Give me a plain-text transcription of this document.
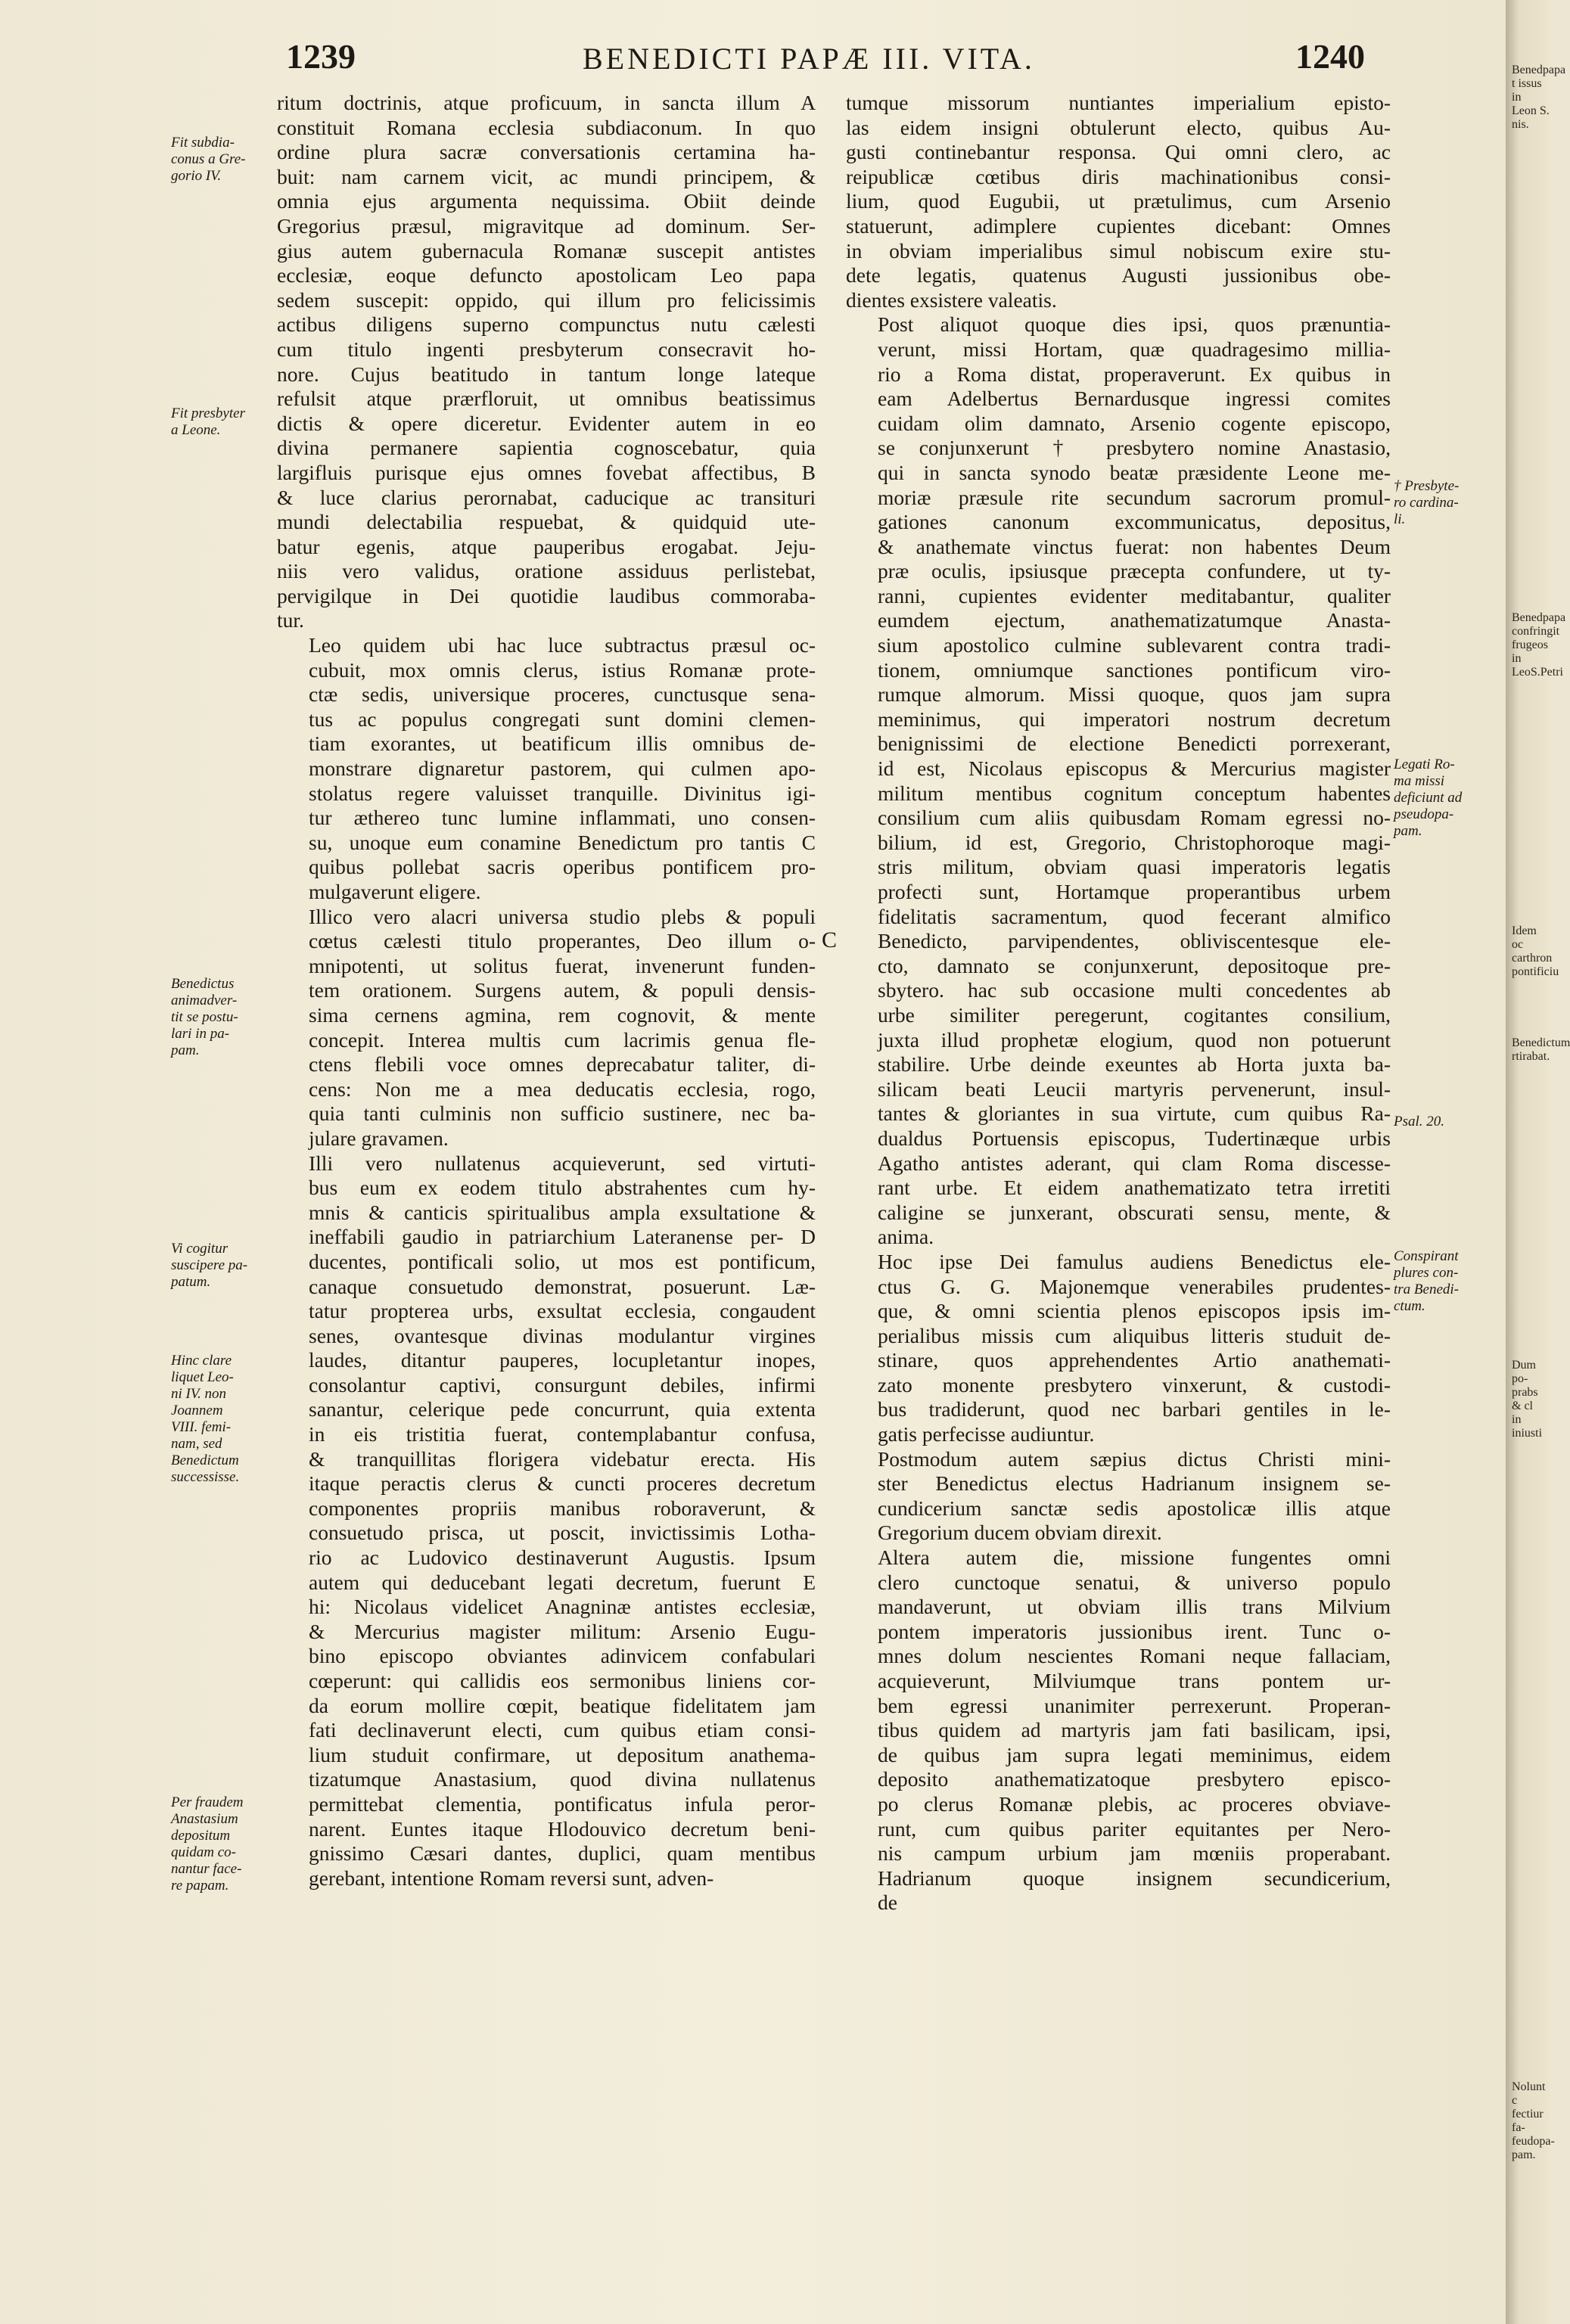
1239	BENEDICTI PAPÆ III. VITA.	1240

ritum doctrinis, atque proficuum, in sancta illum A
constituit Romana ecclesia subdiaconum. In quo
ordine plura sacræ conversationis certamina ha-
buit: nam carnem vicit, ac mundi principem, &
omnia ejus argumenta nequissima. Obiit deinde
Gregorius præsul, migravitque ad dominum. Ser-
gius autem gubernacula Romanæ suscepit antistes
ecclesiæ, eoque defuncto apostolicam Leo papa
sedem suscepit: oppido, qui illum pro felicissimis
actibus diligens superno compunctus nutu cælesti
cum titulo ingenti presbyterum consecravit ho-
nore. Cujus beatitudo in tantum longe lateque
refulsit atque prærfloruit, ut omnibus beatissimus
dictis & opere diceretur. Evidenter autem in eo
divina permanere sapientia cognoscebatur, quia
largifluis purisque ejus omnes fovebat affectibus, B
& luce clarius perornabat, caducique ac transituri
mundi delectabilia respuebat, & quidquid ute-
batur egenis, atque pauperibus erogabat. Jeju-
niis vero validus, oratione assiduus perlistebat,
pervigilque in Dei quotidie laudibus commoraba-
tur.

Leo quidem ubi hac luce subtractus præsul oc-
cubuit, mox omnis clerus, istius Romanæ prote-
ctæ sedis, universique proceres, cunctusque sena-
tus ac populus congregati sunt domini clemen-
tiam exorantes, ut beatificum illis omnibus de-
monstrare dignaretur pastorem, qui culmen apo-
stolatus regere valuisset tranquille. Divinitus igi-
tur æthereo tunc lumine inflammati, uno consen-
su, unoque eum conamine Benedictum pro tantis C
quibus pollebat sacris operibus pontificem pro-
mulgaverunt eligere.

Illico vero alacri universa studio plebs & populi
cœtus cælesti titulo properantes, Deo illum o-
mnipotenti, ut solitus fuerat, invenerunt funden-
tem orationem. Surgens autem, & populi densis-
sima cernens agmina, rem cognovit, & mente
concepit. Interea multis cum lacrimis genua fle-
ctens flebili voce omnes deprecabatur taliter, di-
cens: Non me a mea deducatis ecclesia, rogo,
quia tanti culminis non sufficio sustinere, nec ba-
julare gravamen.

Illi vero nullatenus acquieverunt, sed virtuti-
bus eum ex eodem titulo abstrahentes cum hy-
mnis & canticis spiritualibus ampla exsultatione &
ineffabili gaudio in patriarchium Lateranense per- D
ducentes, pontificali solio, ut mos est pontificum,
canaque consuetudo demonstrat, posuerunt. Læ-
tatur propterea urbs, exsultat ecclesia, congaudent
senes, ovantesque divinas modulantur virgines
laudes, ditantur pauperes, locupletantur inopes,
consolantur captivi, consurgunt debiles, infirmi
sanantur, celerique pede concurrunt, quia extenta
in eis tristitia fuerat, contemplabantur confusa,
& tranquillitas florigera videbatur erecta. His
itaque peractis clerus & cuncti proceres decretum
componentes propriis manibus roboraverunt, &
consuetudo prisca, ut poscit, invictissimis Lotha-
rio ac Ludovico destinaverunt Augustis. Ipsum
autem qui deducebant legati decretum, fuerunt E
hi: Nicolaus videlicet Anagninæ antistes ecclesiæ,
& Mercurius magister militum: Arsenio Eugu-
bino episcopo obviantes adinvicem confabulari
cœperunt: qui callidis eos sermonibus liniens cor-
da eorum mollire cœpit, beatique fidelitatem jam
fati declinaverunt electi, cum quibus etiam consi-
lium studuit confirmare, ut depositum anathema-
tizatumque Anastasium, quod divina nullatenus
permittebat clementia, pontificatus infula peror-
narent. Euntes itaque Hlodouvico decretum beni-
gnissimo Cæsari dantes, duplici, quam mentibus
gerebant, intentione Romam reversi sunt, adven-

tumque missorum nuntiantes imperialium episto-
las eidem insigni obtulerunt electo, quibus Au-
gusti continebantur responsa. Qui omni clero, ac
reipublicæ cœtibus diris machinationibus consi-
lium, quod Eugubii, ut prætulimus, cum Arsenio
statuerunt, adimplere cupientes dicebant: Omnes
in obviam imperialibus simul nobiscum exire stu-
dete legatis, quatenus Augusti jussionibus obe-
dientes exsistere valeatis.

Post aliquot quoque dies ipsi, quos prænuntia-
verunt, missi Hortam, quæ quadragesimo millia-
rio a Roma distat, properaverunt. Ex quibus in
eam Adelbertus Bernardusque ingressi comites
cuidam olim damnato, Arsenio cogente episcopo,
se conjunxerunt † presbytero nomine Anastasio,
qui in sancta synodo beatæ præsidente Leone me-
moriæ præsule rite secundum sacrorum promul-
gationes canonum excommunicatus, depositus,
& anathemate vinctus fuerat: non habentes Deum
præ oculis, ipsiusque præcepta confundere, ut ty-
ranni, cupientes evidenter meditabantur, qualiter
eumdem ejectum, anathematizatumque Anasta-
sium apostolico culmine sublevarent contra tradi-
tionem, omniumque sanctiones pontificum viro-
rumque almorum. Missi quoque, quos jam supra
meminimus, qui imperatori nostrum decretum
benignissimi de electione Benedicti porrexerant,
id est, Nicolaus episcopus & Mercurius magister
militum mentibus cognitum conceptum habentes
consilium cum aliis quibusdam Romam egressi no-
bilium, id est, Gregorio, Christophoroque magi-
stris militum, obviam quasi imperatoris legatis
profecti sunt, Hortamque properantibus urbem
fidelitatis sacramentum, quod fecerant almifico
Benedicto, parvipendentes, obliviscentesque ele-
cto, damnato se conjunxerunt, depositoque pre-
sbytero. hac sub occasione multi concedentes ab
urbe similiter peregerunt, cogitantes consilium,
juxta illud prophetæ elogium, quod non potuerunt
stabilire. Urbe deinde exeuntes ab Horta juxta ba-
silicam beati Leucii martyris pervenerunt, insul-
tantes & gloriantes in sua virtute, cum quibus Ra-
dualdus Portuensis episcopus, Tudertinæque urbis
Agatho antistes aderant, qui clam Roma discesse-
rant urbe. Et eidem anathematizato tetra irretiti
caligine se junxerant, obscurati sensu, mente, &
anima.

Hoc ipse Dei famulus audiens Benedictus ele-
ctus G. G. Majonemque venerabiles prudentes-
que, & omni scientia plenos episcopos ipsis im-
perialibus missis cum aliquibus litteris studuit de-
stinare, quos apprehendentes Artio anathemati-
zato monente presbytero vinxerunt, & custodi-
bus tradiderunt, quod nec barbari gentiles in le-
gatis perfecisse audiuntur.

Postmodum autem sæpius dictus Christi mini-
ster Benedictus electus Hadrianum insignem se-
cundicerium sanctæ sedis apostolicæ illis atque
Gregorium ducem obviam direxit.

Altera autem die, missione fungentes omni
clero cunctoque senatui, & universo populo
mandaverunt, ut obviam illis trans Milvium
pontem imperatoris jussionibus irent. Tunc o-
mnes dolum nescientes Romani neque fallaciam,
acquieverunt, Milviumque trans pontem ur-
bem egressi unanimiter perrexerunt. Properan-
tibus quidem ad martyris jam fati basilicam, ipsi,
de quibus jam supra legati meminimus, eidem
deposito anathematizatoque presbytero episco-
po clerus Romanæ plebis, ac proceres obviave-
runt, cum quibus pariter equitantes per Nero-
nis campum urbium jam mœniis properabant.
Hadrianum quoque insignem secundicerium,
de

Fit subdia-
conus a Gre-
gorio IV.
Fit presbyter
a Leone.
Benedictus
animadver-
tit se postu-
lari in pa-
pam.
Vi cogitur
suscipere pa-
patum.
Hinc clare
liquet Leo-
ni IV. non
Joannem
VIII. femi-
nam, sed
Benedictum
successisse.
Per fraudem
Anastasium
depositum
quidam co-
nantur face-
re papam.
† Presbyte-
ro cardina-
li.
Legati Ro-
ma missi
deficiunt ad
pseudopa-
pam.
Psal. 20.
Conspirant
plures con-
tra Benedi-
ctum.
C
Benedpapa
t issus in
Leon S.
nis.
Benedpapa
confringit
frugeos in
LeoS.Petri
Idem oc
carthron
pontificiu
Benedictum
rtirabat.
Dum po-
prabs & cl
in iniusti
Nolunt c
fectiur fa-
feudopa-
pam.
